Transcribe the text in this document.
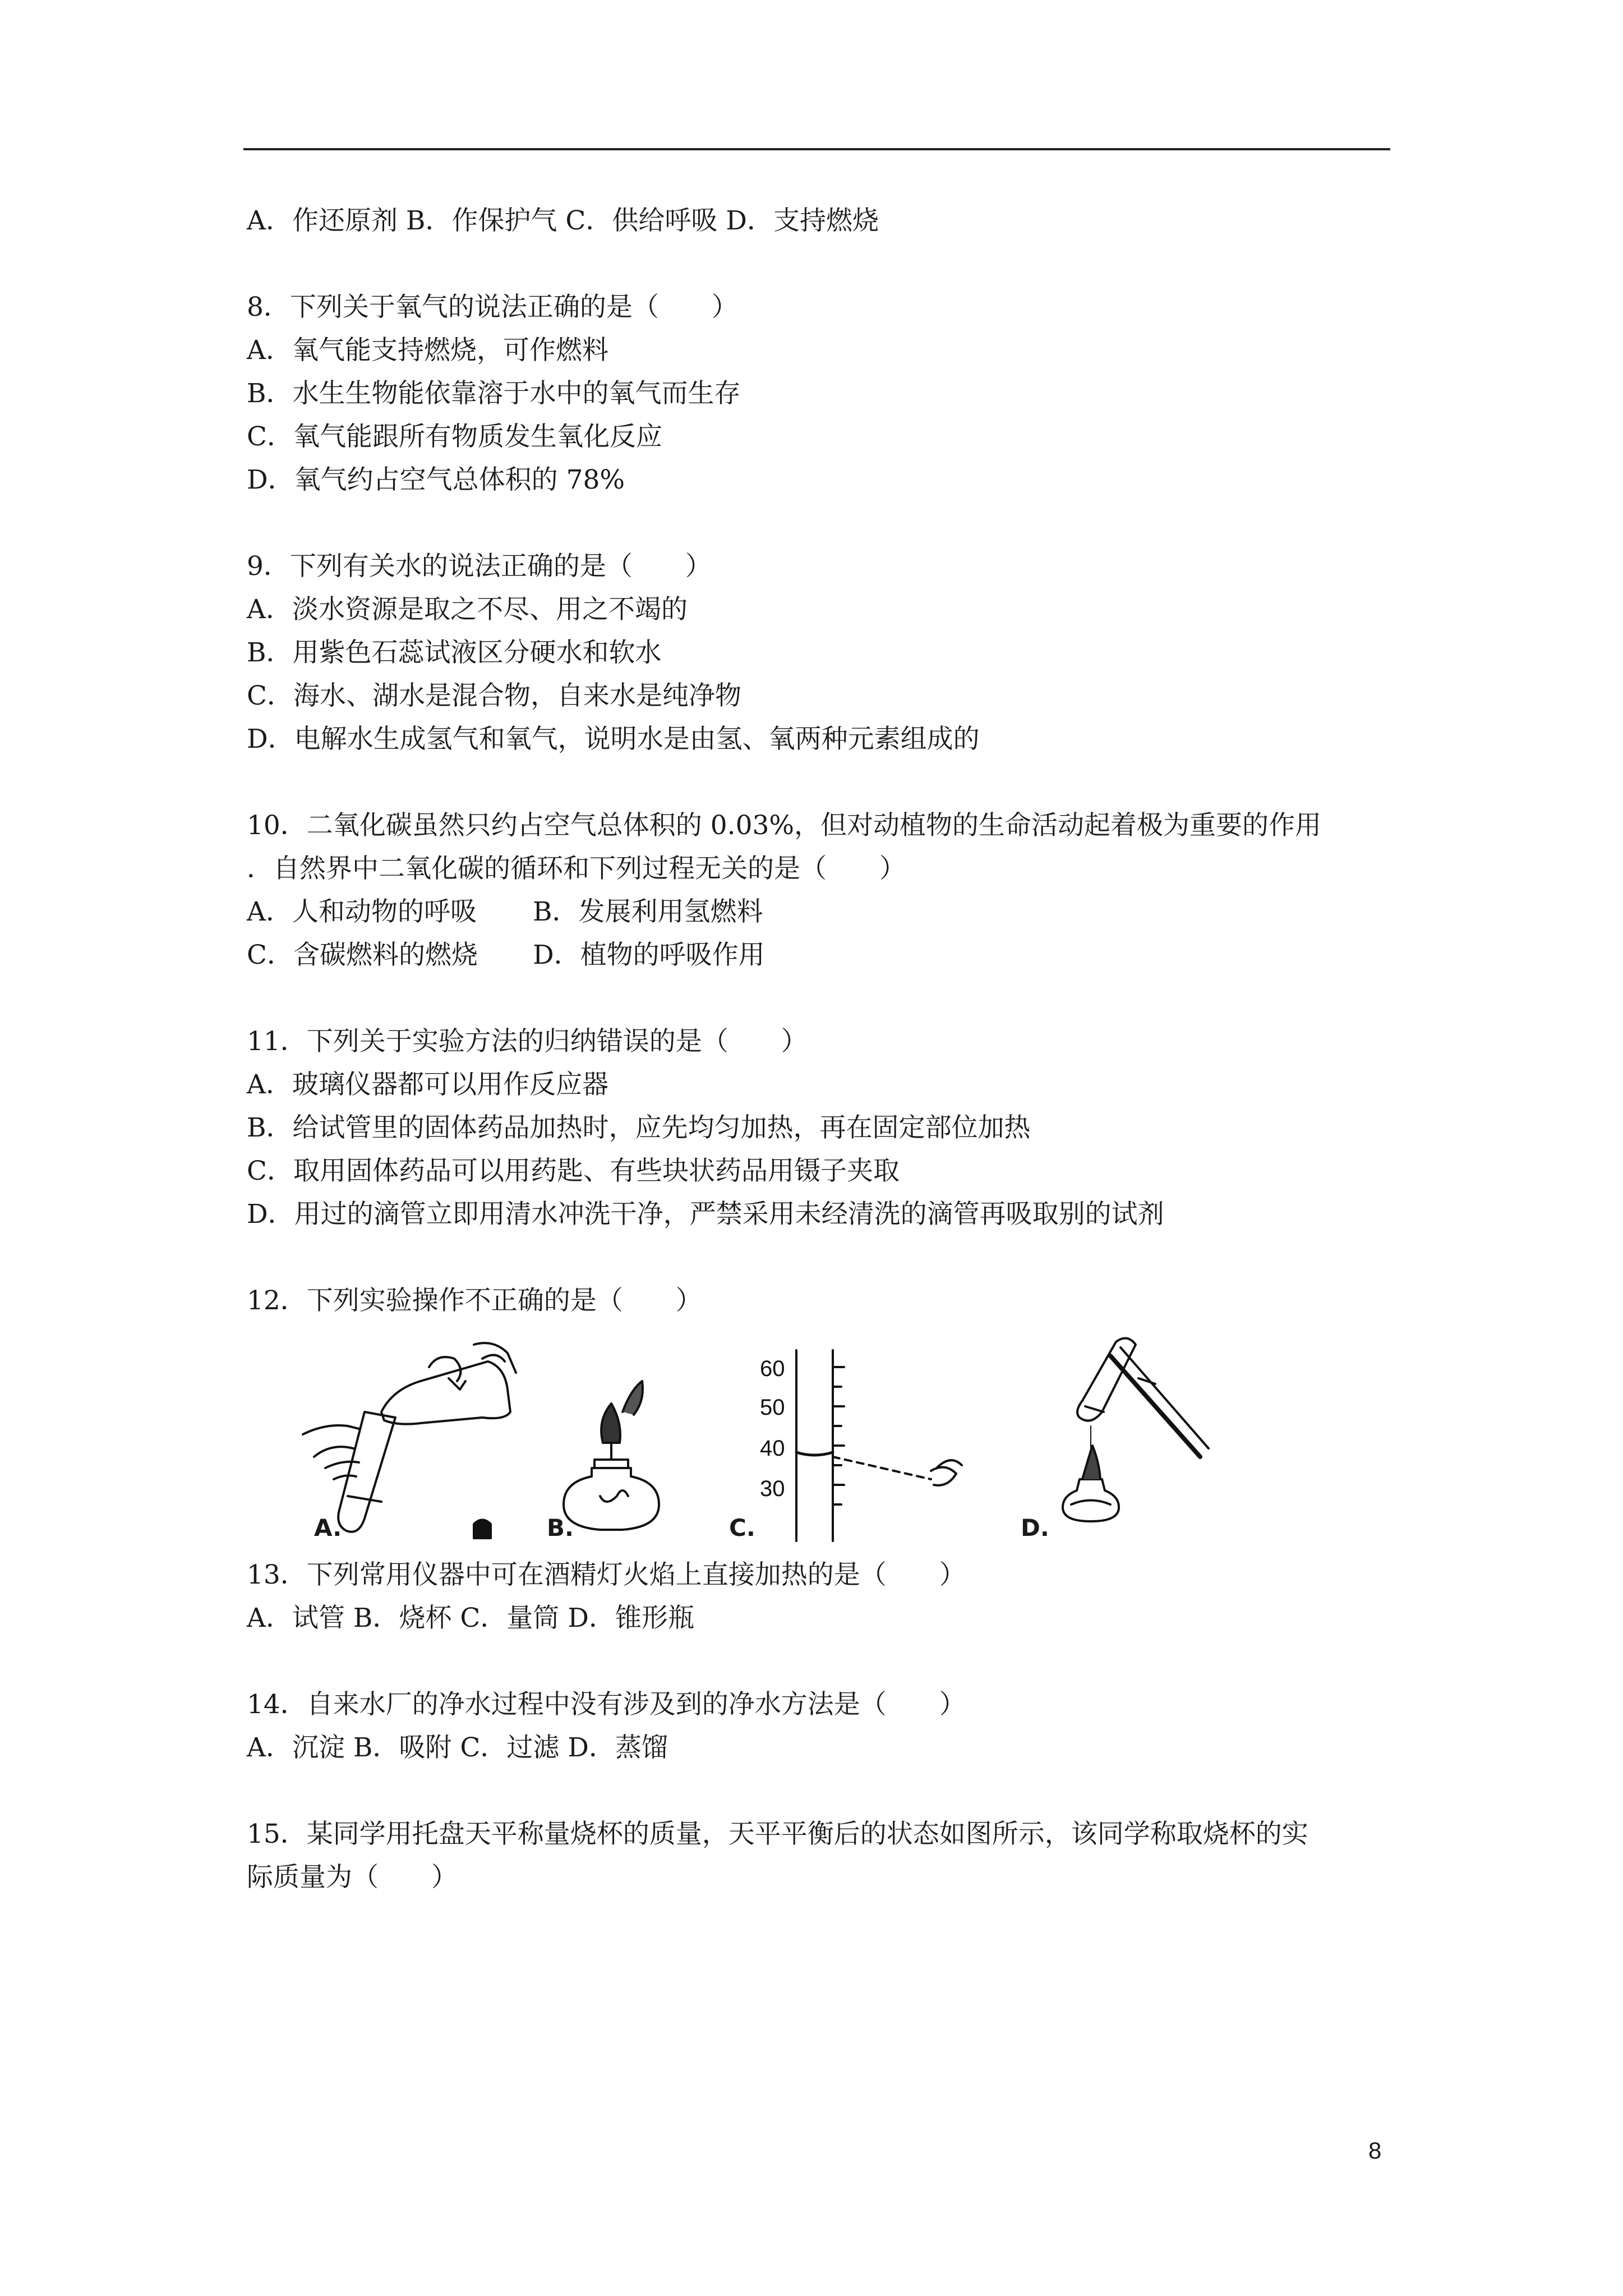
A．作还原剂 B．作保护气 C．供给呼吸 D．支持燃烧
8．下列关于氧气的说法正确的是（　　）
A．氧气能支持燃烧，可作燃料
B．水生生物能依靠溶于水中的氧气而生存
C．氧气能跟所有物质发生氧化反应
D．氧气约占空气总体积的 78%
9．下列有关水的说法正确的是（　　）
A．淡水资源是取之不尽、用之不竭的
B．用紫色石蕊试液区分硬水和软水
C．海水、湖水是混合物，自来水是纯净物
D．电解水生成氢气和氧气，说明水是由氢、氧两种元素组成的
10．二氧化碳虽然只约占空气总体积的 0.03%，但对动植物的生命活动起着极为重要的作用
．自然界中二氧化碳的循环和下列过程无关的是（　　）
A．人和动物的呼吸 B．发展利用氢燃料
C．含碳燃料的燃烧 D．植物的呼吸作用
11．下列关于实验方法的归纳错误的是（　　）
A．玻璃仪器都可以用作反应器
B．给试管里的固体药品加热时，应先均匀加热，再在固定部位加热
C．取用固体药品可以用药匙、有些块状药品用镊子夹取
D．用过的滴管立即用清水冲洗干净，严禁采用未经清洗的滴管再吸取别的试剂
12．下列实验操作不正确的是（　　）
60
50
40
30
A.	B.	C.	D.
13．下列常用仪器中可在酒精灯火焰上直接加热的是（　　）
A．试管 B．烧杯 C．量筒 D．锥形瓶
14．自来水厂的净水过程中没有涉及到的净水方法是（　　）
A．沉淀 B．吸附 C．过滤 D．蒸馏
15．某同学用托盘天平称量烧杯的质量，天平平衡后的状态如图所示，该同学称取烧杯的实
际质量为（　　）
8
